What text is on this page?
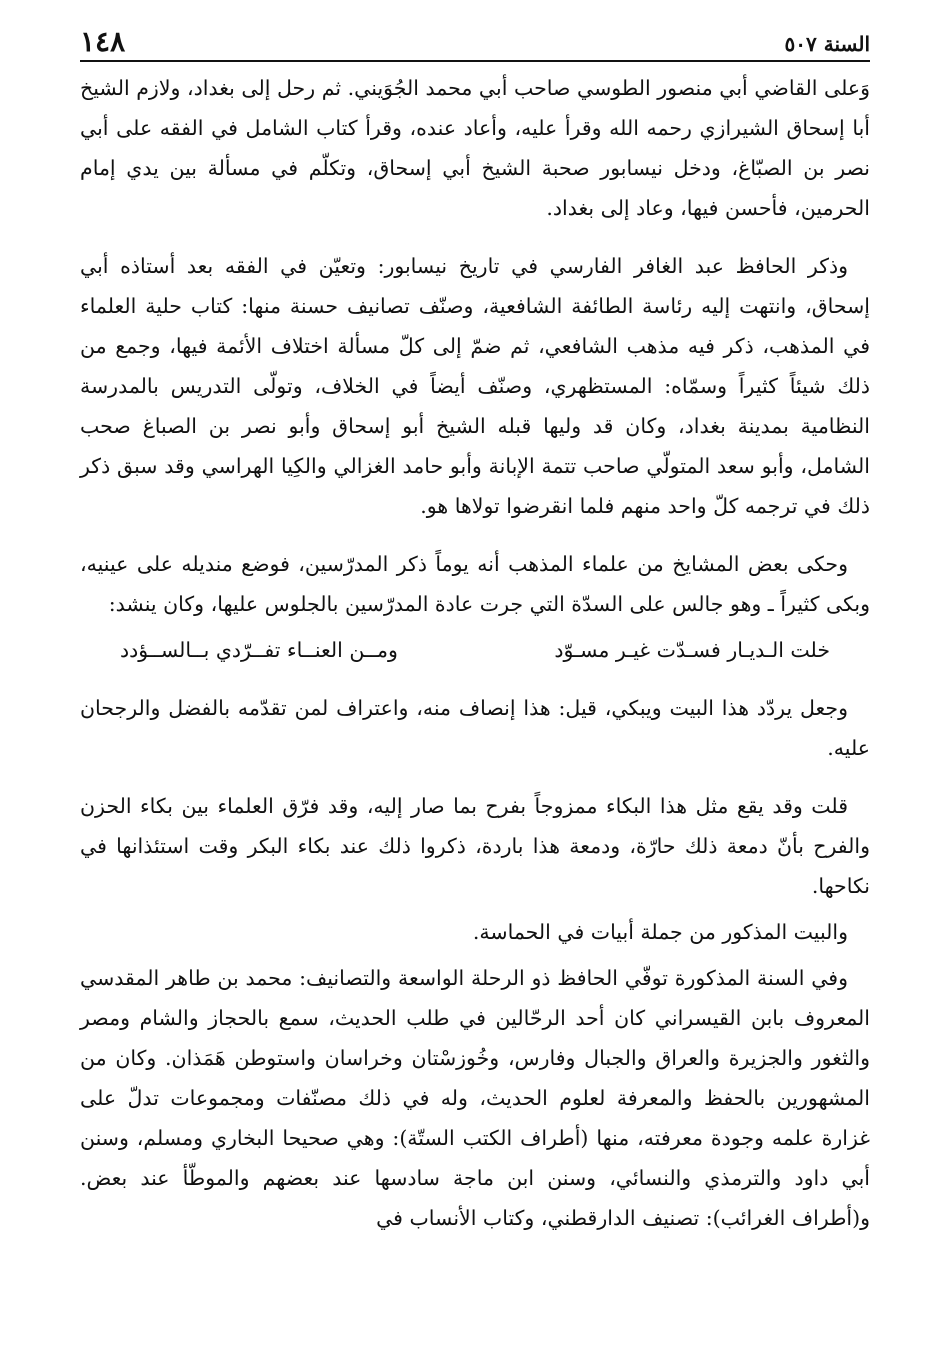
١٤٨	السنة ٥٠٧

وَعلى القاضي أبي منصور الطوسي صاحب أبي محمد الجُوَيني. ثم رحل إلى بغداد، ولازم الشيخ أبا إسحاق الشيرازي رحمه الله وقرأ عليه، وأعاد عنده، وقرأ كتاب الشامل في الفقه على أبي نصر بن الصبّاغ، ودخل نيسابور صحبة الشيخ أبي إسحاق، وتكلّم في مسألة بين يدي إمام الحرمين، فأحسن فيها، وعاد إلى بغداد.

وذكر الحافظ عبد الغافر الفارسي في تاريخ نيسابور: وتعيّن في الفقه بعد أستاذه أبي إسحاق، وانتهت إليه رئاسة الطائفة الشافعية، وصنّف تصانيف حسنة منها: كتاب حلية العلماء في المذهب، ذكر فيه مذهب الشافعي، ثم ضمّ إلى كلّ مسألة اختلاف الأئمة فيها، وجمع من ذلك شيئاً كثيراً وسمّاه: المستظهري، وصنّف أيضاً في الخلاف، وتولّى التدريس بالمدرسة النظامية بمدينة بغداد، وكان قد وليها قبله الشيخ أبو إسحاق وأبو نصر بن الصباغ صحب الشامل، وأبو سعد المتولّي صاحب تتمة الإبانة وأبو حامد الغزالي والكِيا الهراسي وقد سبق ذكر ذلك في ترجمه كلّ واحد منهم فلما انقرضوا تولاها هو.

وحكى بعض المشايخ من علماء المذهب أنه يوماً ذكر المدرّسين، فوضع منديله على عينيه، وبكى كثيراً ـ وهو جالس على السدّة التي جرت عادة المدرّسين بالجلوس عليها، وكان ينشد:

خلت الـديـار فسـدّت غيـر مسـوّد
ومــن العنــاء تفــرّدي بــالســؤدد

وجعل يردّد هذا البيت ويبكي، قيل: هذا إنصاف منه، واعتراف لمن تقدّمه بالفضل والرجحان عليه.

قلت وقد يقع مثل هذا البكاء ممزوجاً بفرح بما صار إليه، وقد فرّق العلماء بين بكاء الحزن والفرح بأنّ دمعة ذلك حارّة، ودمعة هذا باردة، ذكروا ذلك عند بكاء البكر وقت استئذانها في نكاحها.

والبيت المذكور من جملة أبيات في الحماسة.

وفي السنة المذكورة توفّي الحافظ ذو الرحلة الواسعة والتصانيف: محمد بن طاهر المقدسي المعروف بابن القيسراني كان أحد الرحّالين في طلب الحديث، سمع بالحجاز والشام ومصر والثغور والجزيرة والعراق والجبال وفارس، وخُوزسْتان وخراسان واستوطن هَمَذان. وكان من المشهورين بالحفظ والمعرفة لعلوم الحديث، وله في ذلك مصنّفات ومجموعات تدلّ على غزارة علمه وجودة معرفته، منها (أطراف الكتب الستّة): وهي صحيحا البخاري ومسلم، وسنن أبي داود والترمذي والنسائي، وسنن ابن ماجة سادسها عند بعضهم والموطّأ عند بعض. و(أطراف الغرائب): تصنيف الدارقطني، وكتاب الأنساب في
